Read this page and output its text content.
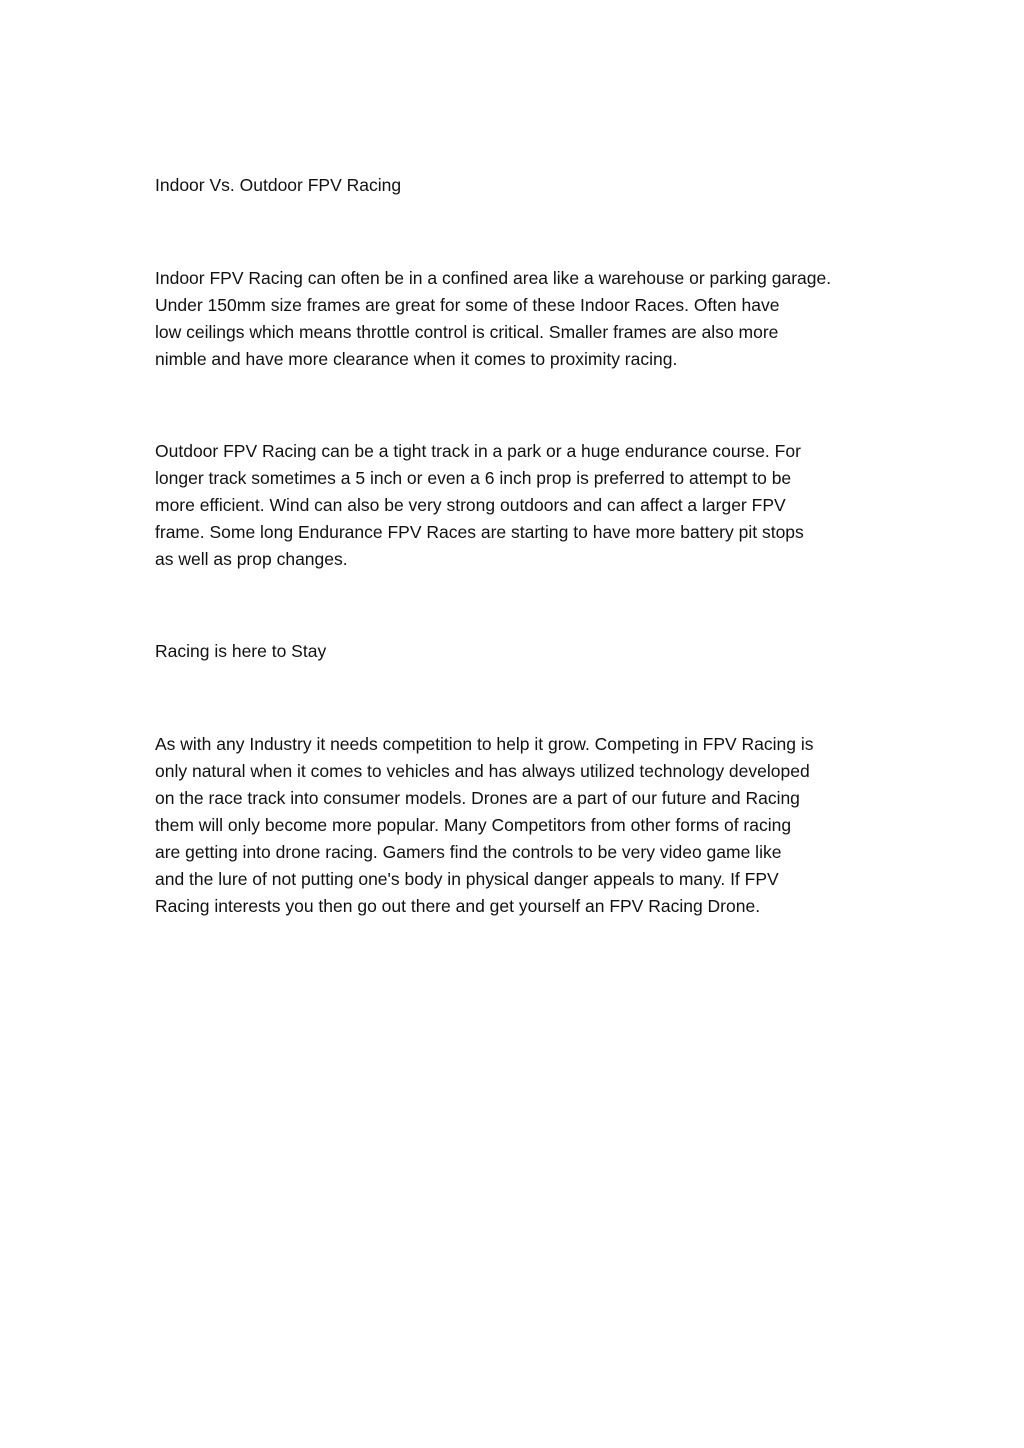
Indoor Vs. Outdoor FPV Racing

Indoor FPV Racing can often be in a confined area like a warehouse or parking garage.
Under 150mm size frames are great for some of these Indoor Races. Often have
low ceilings which means throttle control is critical. Smaller frames are also more
nimble and have more clearance when it comes to proximity racing.

Outdoor FPV Racing can be a tight track in a park or a huge endurance course. For
longer track sometimes a 5 inch or even a 6 inch prop is preferred to attempt to be
more efficient. Wind can also be very strong outdoors and can affect a larger FPV
frame. Some long Endurance FPV Races are starting to have more battery pit stops
as well as prop changes.

Racing is here to Stay

As with any Industry it needs competition to help it grow. Competing in FPV Racing is
only natural when it comes to vehicles and has always utilized technology developed
on the race track into consumer models. Drones are a part of our future and Racing
them will only become more popular. Many Competitors from other forms of racing
are getting into drone racing. Gamers find the controls to be very video game like
and the lure of not putting one's body in physical danger appeals to many. If FPV
Racing interests you then go out there and get yourself an FPV Racing Drone.
